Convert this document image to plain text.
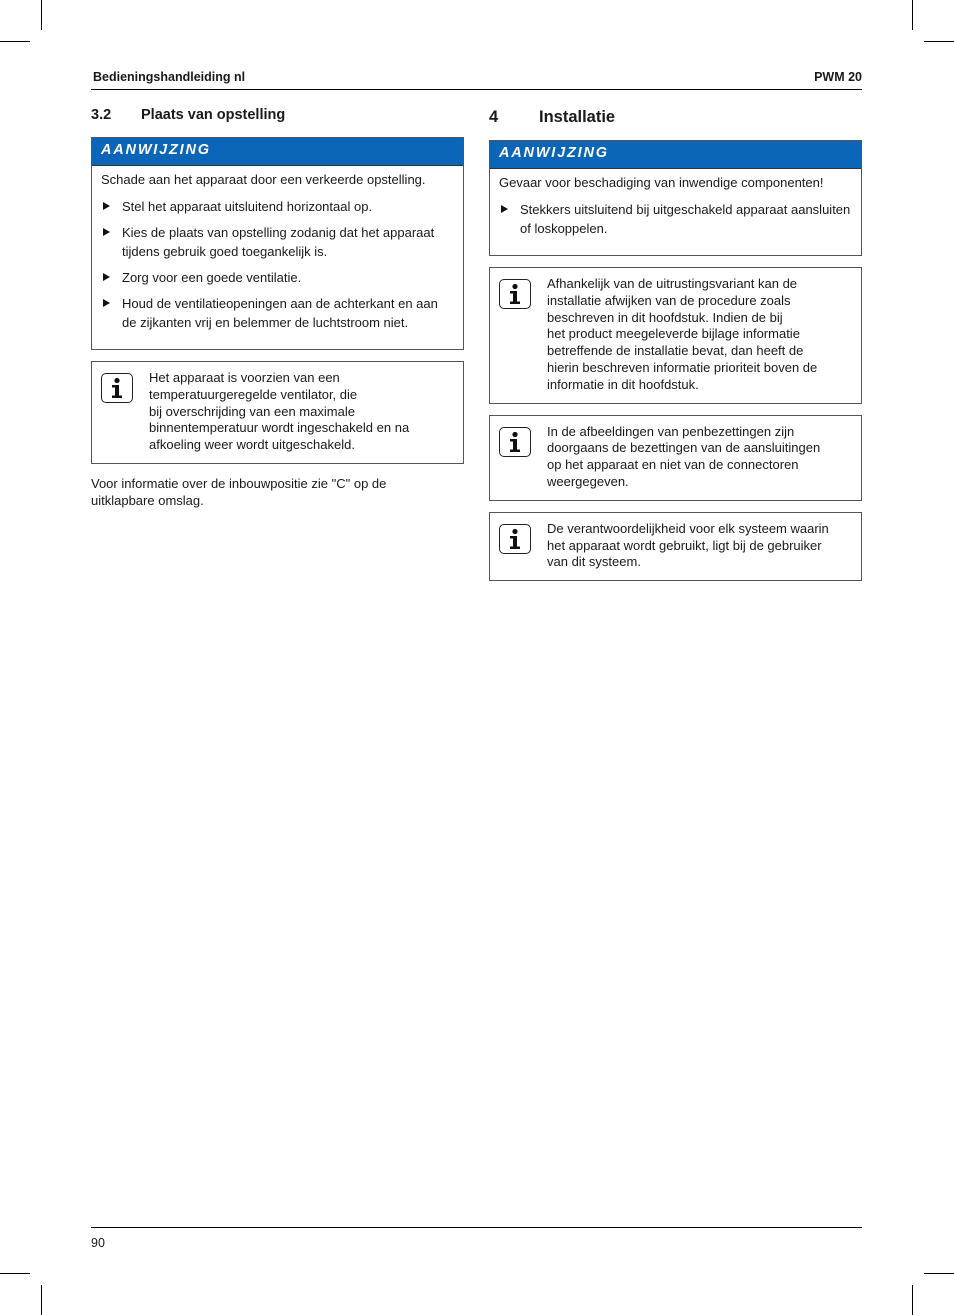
Bedieningshandleiding nl	PWM 20
3.2	Plaats van opstelling
AANWIJZING

Schade aan het apparaat door een verkeerde opstelling.

Stel het apparaat uitsluitend horizontaal op.
Kies de plaats van opstelling zodanig dat het apparaat tijdens gebruik goed toegankelijk is.
Zorg voor een goede ventilatie.
Houd de ventilatieopeningen aan de achterkant en aan de zijkanten vrij en belemmer de luchtstroom niet.
Het apparaat is voorzien van een
temperatuurgeregelde ventilator, die
bij overschrijding van een maximale
binnentemperatuur wordt ingeschakeld en na
afkoeling weer wordt uitgeschakeld.
Voor informatie over de inbouwpositie zie "C" op de
uitklapbare omslag.
4	Installatie
AANWIJZING

Gevaar voor beschadiging van inwendige componenten!

Stekkers uitsluitend bij uitgeschakeld apparaat aansluiten of loskoppelen.
Afhankelijk van de uitrustingsvariant kan de
installatie afwijken van de procedure zoals
beschreven in dit hoofdstuk. Indien de bij
het product meegeleverde bijlage informatie
betreffende de installatie bevat, dan heeft de
hierin beschreven informatie prioriteit boven de
informatie in dit hoofdstuk.
In de afbeeldingen van penbezettingen zijn
doorgaans de bezettingen van de aansluitingen
op het apparaat en niet van de connectoren
weergegeven.
De verantwoordelijkheid voor elk systeem waarin
het apparaat wordt gebruikt, ligt bij de gebruiker
van dit systeem.
90
